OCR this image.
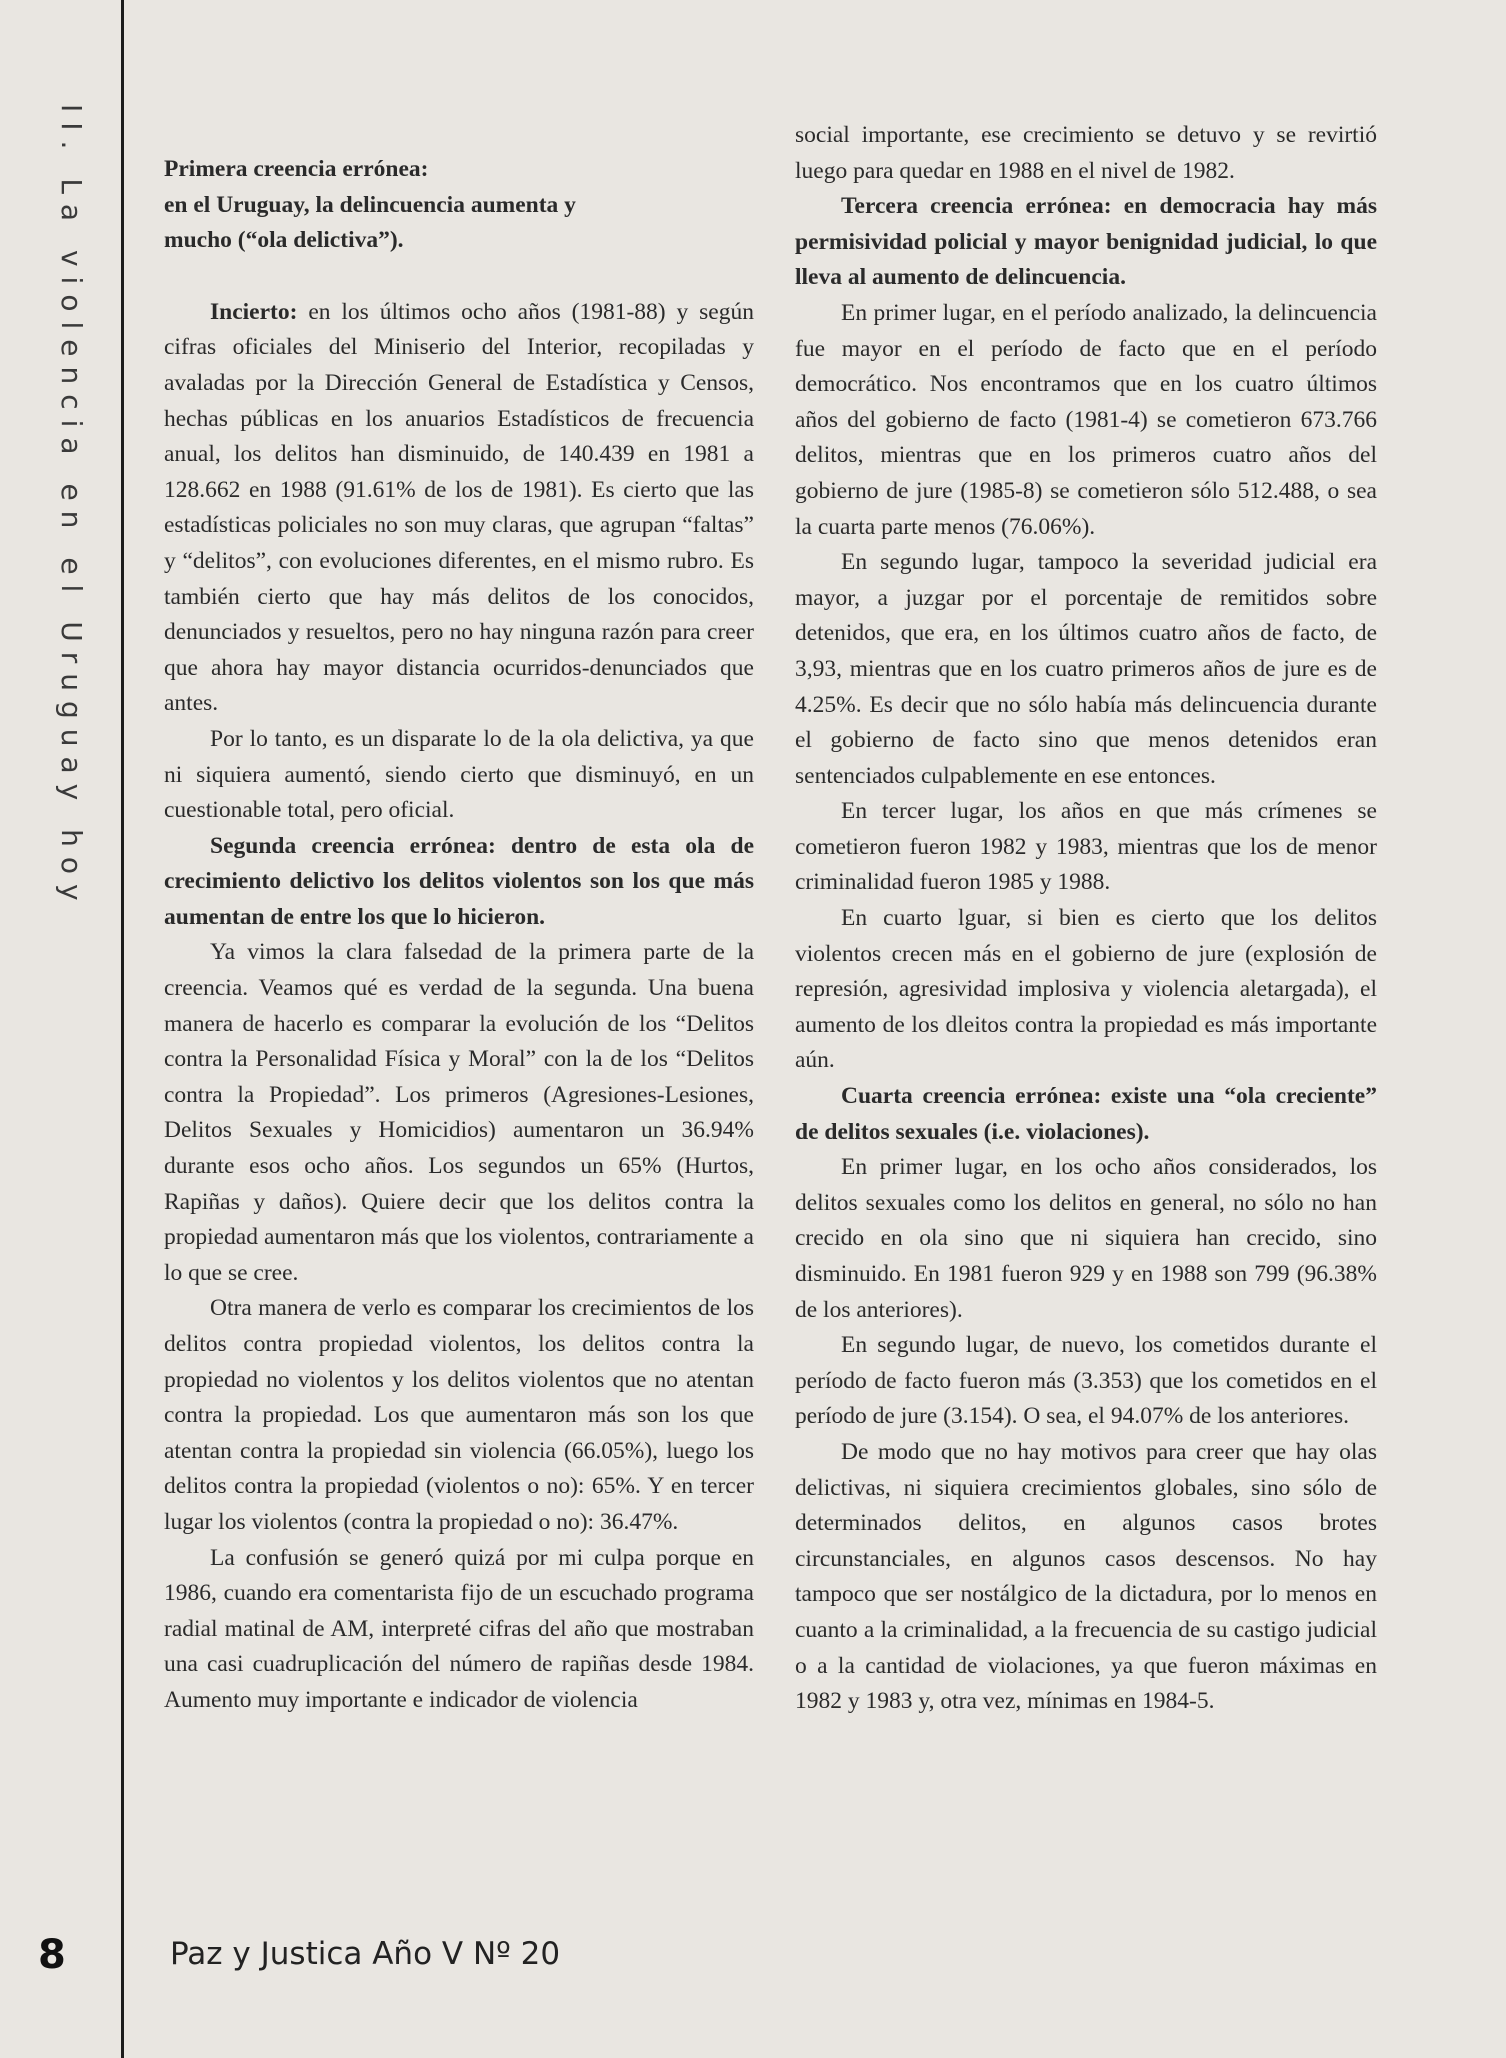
II. La violencia en el Uruguay hoy
8	Paz y Justica Año V Nº 20

Primera creencia errónea:

en el Uruguay, la delincuencia aumenta y

mucho (“ola delictiva”).

Incierto: en los últimos ocho años (1981-88) y según cifras oficiales del Miniserio del Interior, recopiladas y avaladas por la Dirección General de Estadística y Censos, hechas públicas en los anuarios Estadísticos de frecuencia anual, los delitos han disminuido, de 140.439 en 1981 a 128.662 en 1988 (91.61% de los de 1981). Es cierto que las estadísticas policiales no son muy claras, que agrupan “faltas” y “delitos”, con evoluciones diferentes, en el mismo rubro. Es también cierto que hay más delitos de los conocidos, denunciados y resueltos, pero no hay ninguna razón para creer que ahora hay mayor distancia ocurridos-denunciados que antes.

Por lo tanto, es un disparate lo de la ola delictiva, ya que ni siquiera aumentó, siendo cierto que disminuyó, en un cuestionable total, pero oficial.

Segunda creencia errónea: dentro de esta ola de crecimiento delictivo los delitos violentos son los que más aumentan de entre los que lo hicieron.

Ya vimos la clara falsedad de la primera parte de la creencia. Veamos qué es verdad de la segunda. Una buena manera de hacerlo es comparar la evolución de los “Delitos contra la Personalidad Física y Moral” con la de los “Delitos contra la Propiedad”. Los primeros (Agresiones-Lesiones, Delitos Sexuales y Homicidios) aumentaron un 36.94% durante esos ocho años. Los segundos un 65% (Hurtos, Rapiñas y daños). Quiere decir que los delitos contra la propiedad aumentaron más que los violentos, contrariamente a lo que se cree.

Otra manera de verlo es comparar los crecimientos de los delitos contra propiedad violentos, los delitos contra la propiedad no violentos y los delitos violentos que no atentan contra la propiedad. Los que aumentaron más son los que atentan contra la propiedad sin violencia (66.05%), luego los delitos contra la propiedad (violentos o no): 65%. Y en tercer lugar los violentos (contra la propiedad o no): 36.47%.

La confusión se generó quizá por mi culpa porque en 1986, cuando era comentarista fijo de un escuchado programa radial matinal de AM, interpreté cifras del año que mostraban una casi cuadruplicación del número de rapiñas desde 1984. Aumento muy importante e indicador de violencia

social importante, ese crecimiento se detuvo y se revirtió luego para quedar en 1988 en el nivel de 1982.

Tercera creencia errónea: en democracia hay más permisividad policial y mayor benignidad judicial, lo que lleva al aumento de delincuencia.

En primer lugar, en el período analizado, la delincuencia fue mayor en el período de facto que en el período democrático. Nos encontramos que en los cuatro últimos años del gobierno de facto (1981-4) se cometieron 673.766 delitos, mientras que en los primeros cuatro años del gobierno de jure (1985-8) se cometieron sólo 512.488, o sea la cuarta parte menos (76.06%).

En segundo lugar, tampoco la severidad judicial era mayor, a juzgar por el porcentaje de remitidos sobre detenidos, que era, en los últimos cuatro años de facto, de 3,93, mientras que en los cuatro primeros años de jure es de 4.25%. Es decir que no sólo había más delincuencia durante el gobierno de facto sino que menos detenidos eran sentenciados culpablemente en ese entonces.

En tercer lugar, los años en que más crímenes se cometieron fueron 1982 y 1983, mientras que los de menor criminalidad fueron 1985 y 1988.

En cuarto lguar, si bien es cierto que los delitos violentos crecen más en el gobierno de jure (explosión de represión, agresividad implosiva y violencia aletargada), el aumento de los dleitos contra la propiedad es más importante aún.

Cuarta creencia errónea: existe una “ola creciente” de delitos sexuales (i.e. violaciones).

En primer lugar, en los ocho años considerados, los delitos sexuales como los delitos en general, no sólo no han crecido en ola sino que ni siquiera han crecido, sino disminuido. En 1981 fueron 929 y en 1988 son 799 (96.38% de los anteriores).

En segundo lugar, de nuevo, los cometidos durante el período de facto fueron más (3.353) que los cometidos en el período de jure (3.154). O sea, el 94.07% de los anteriores.

De modo que no hay motivos para creer que hay olas delictivas, ni siquiera crecimientos globales, sino sólo de determinados delitos, en algunos casos brotes circunstanciales, en algunos casos descensos. No hay tampoco que ser nostálgico de la dictadura, por lo menos en cuanto a la criminalidad, a la frecuencia de su castigo judicial o a la cantidad de violaciones, ya que fueron máximas en 1982 y 1983 y, otra vez, mínimas en 1984-5.
